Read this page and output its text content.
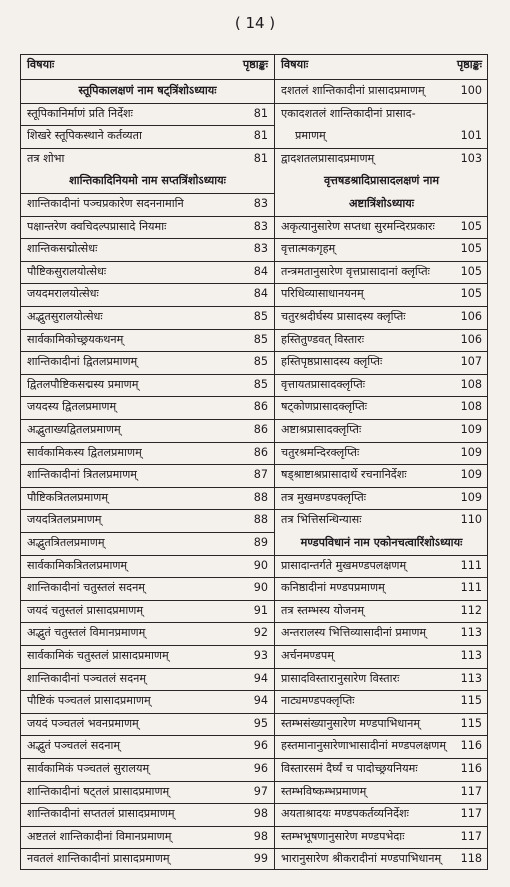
( 14 )
विषयाः	पृष्ठाङ्कः
स्तूपिकालक्षणं नाम षट्त्रिंशोऽध्यायः
स्तूपिकानिर्माणं प्रति निर्देशः	81
शिखरे स्तूपिकस्थाने कर्तव्यता	81
तत्र शोभा	81
शान्तिकादिनियमो नाम सप्तत्रिंशोऽध्यायः
शान्तिकादीनां पञ्चप्रकारेण सदननामानि	83
पक्षान्तरेण क्वचिदल्पप्रासादे नियमाः	83
शान्तिकसद्मोत्सेधः	83
पौष्टिकसुरालयोत्सेधः	84
जयदमरालयोत्सेधः	84
अद्भुतसुरालयोत्सेधः	85
सार्वकामिकोच्छ्रयकथनम्	85
शान्तिकादीनां द्वितलप्रमाणम्	85
द्वितलपौष्टिकसद्मस्य प्रमाणम्	85
जयदस्य द्वितलप्रमाणम्	86
अद्भुताख्यद्वितलप्रमाणम्	86
सार्वकामिकस्य द्वितलप्रमाणम्	86
शान्तिकादीनां त्रितलप्रमाणम्	87
पौष्टिकत्रितलप्रमाणम्	88
जयदत्रितलप्रमाणम्	88
अद्भुतत्रितलप्रमाणम्	89
सार्वकामिकत्रितलप्रमाणम्	90
शान्तिकादीनां चतुस्तलं सदनम्	90
जयदं चतुस्तलं प्रासादप्रमाणम्	91
अद्भुतं चतुस्तलं विमानप्रमाणम्	92
सार्वकामिकं चतुस्तलं प्रासादप्रमाणम्	93
शान्तिकादीनां पञ्चतलं सदनम्	94
पौष्टिकं पञ्चतलं प्रासादप्रमाणम्	94
जयदं पञ्चतलं भवनप्रमाणम्	95
अद्भुतं पञ्चतलं सदनाम्	96
सार्वकामिकं पञ्चतलं सुरालयम्	96
शान्तिकादीनां षट्तलं प्रासादप्रमाणम्	97
शान्तिकादीनां सप्ततलं प्रासादप्रमाणम्	98
अष्टतलं शान्तिकादीनां विमानप्रमाणम्	98
नवतलं शान्तिकादीनां प्रासादप्रमाणम्	99
विषयाः	पृष्ठाङ्कः
दशतलं शान्तिकादीनां प्रासादप्रमाणम्	100
एकादशतलं शान्तिकादीनां प्रासाद-
प्रमाणम्	101
द्वादशतलप्रासादप्रमाणम्	103
वृत्तषडश्रादिप्रासादलक्षणं नाम
अष्टात्रिंशोऽध्यायः
अकृत्यानुसारेण सप्तधा सुरमन्दिरप्रकारः 105
वृत्तात्मकगृहम्	105
तन्त्रमतानुसारेण वृत्तप्रासादानां क्लृप्तिः	105
परिधिव्यासाधानयनम्	105
चतुरश्रदीर्घस्य प्रासादस्य क्लृप्तिः	106
हस्तितुण्डवत् विस्तारः	106
हस्तिपृष्ठप्रासादस्य क्लृप्तिः	107
वृत्तायतप्रासादक्लृप्तिः	108
षट्कोणप्रासादक्लृप्तिः	108
अष्टाश्रप्रासादक्लृप्तिः	109
चतुरश्रमन्दिरक्लृप्तिः	109
षड्श्राष्टाश्रप्रासादार्थे रचनानिर्देशः	109
तत्र मुखमण्डपक्लृप्तिः	109
तत्र भित्तिसन्धिन्यासः	110
मण्डपविधानं नाम एकोनचत्वारिंशोऽध्यायः
प्रासादान्तर्गते मुखमण्डपलक्षणम्	111
कनिष्ठादीनां मण्डपप्रमाणम्	111
तत्र स्तम्भस्य योजनम्	112
अन्तरालस्य भित्तिव्यासादीनां प्रमाणम्	113
अर्चनमण्डपम्	113
प्रासादविस्तारानुसारेण विस्तारः	113
नाट्यमण्डपक्लृप्तिः	115
स्तम्भसंख्यानुसारेण मण्डपाभिधानम्	115
हस्तमानानुसारेणाभासादीनां मण्डपलक्षणम् 116
विस्तारसमं दैर्घ्यं च पादोच्छ्रयनियमः	116
स्तम्भविष्कम्भप्रमाणम्	117
अयताश्रादयः मण्डपकर्तव्यनिर्देशः	117
स्तम्भभूषणानुसारेण मण्डपभेदाः	117
भारानुसारेण श्रीकरादीनां मण्डपाभिधानम् 118
